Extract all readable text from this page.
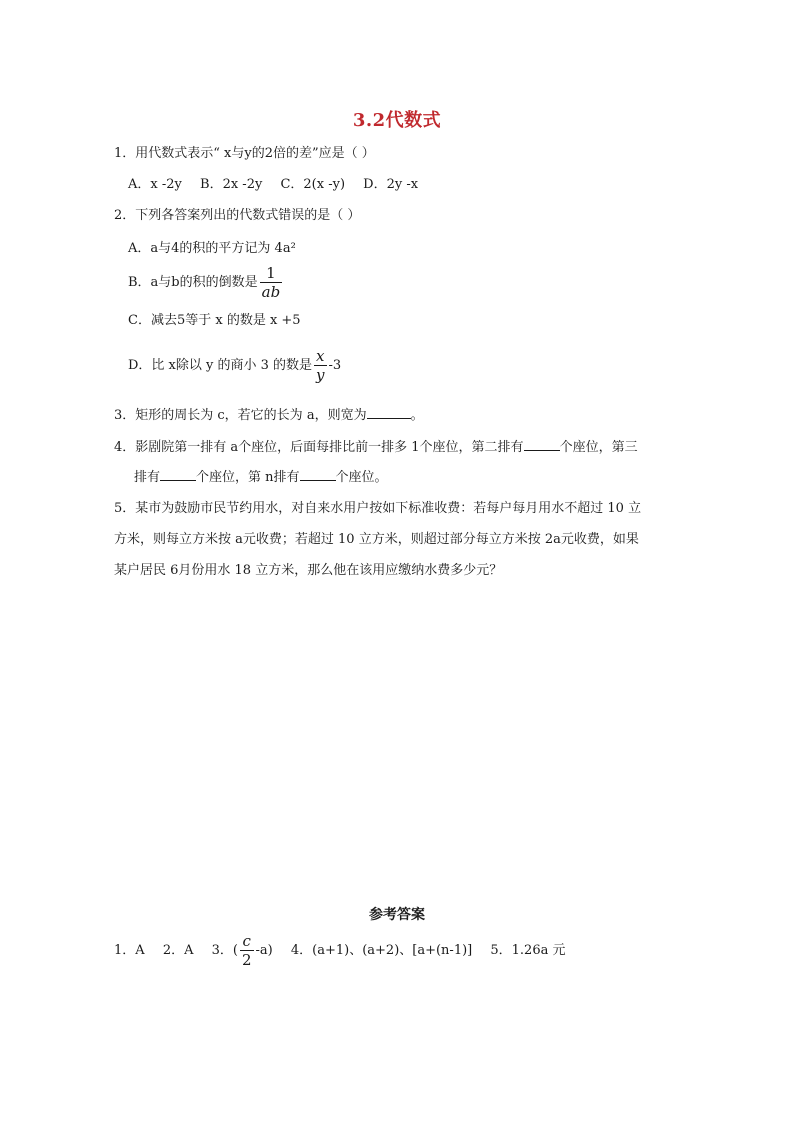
3.2代数式
1．用代数式表示“ x与y的2倍的差”应是（ ）
A．x -2y B．2x -2y C．2(x -y) D．2y -x
2．下列各答案列出的代数式错误的是（ ）
A．a与4的积的平方记为 4a²
B．a与b的积的倒数是 $\frac{1}{ab}$
C．减去5等于 x 的数是 x +5
D．比 x除以 y 的商小 3 的数是 $\frac{x}{y} -3$
3．矩形的周长为 c，若它的长为 a，则宽为	。
4．影剧院第一排有 a个座位，后面每排比前一排多 1个座位，第二排有	个座位，第三
排有	个座位，第 n排有	个座位。
5．某市为鼓励市民节约用水，对自来水用户按如下标准收费：若每户每月用水不超过 10 立
方米，则每立方米按 a元收费；若超过 10 立方米，则超过部分每立方米按 2a元收费，如果
某户居民 6月份用水 18 立方米，那么他在该用应缴纳水费多少元？
参考答案
1．A 2．A 3．( $\frac{c}{2} -a$) 4．(a+1)、(a+2)、[a+(n-1)] 5．1.26a 元
